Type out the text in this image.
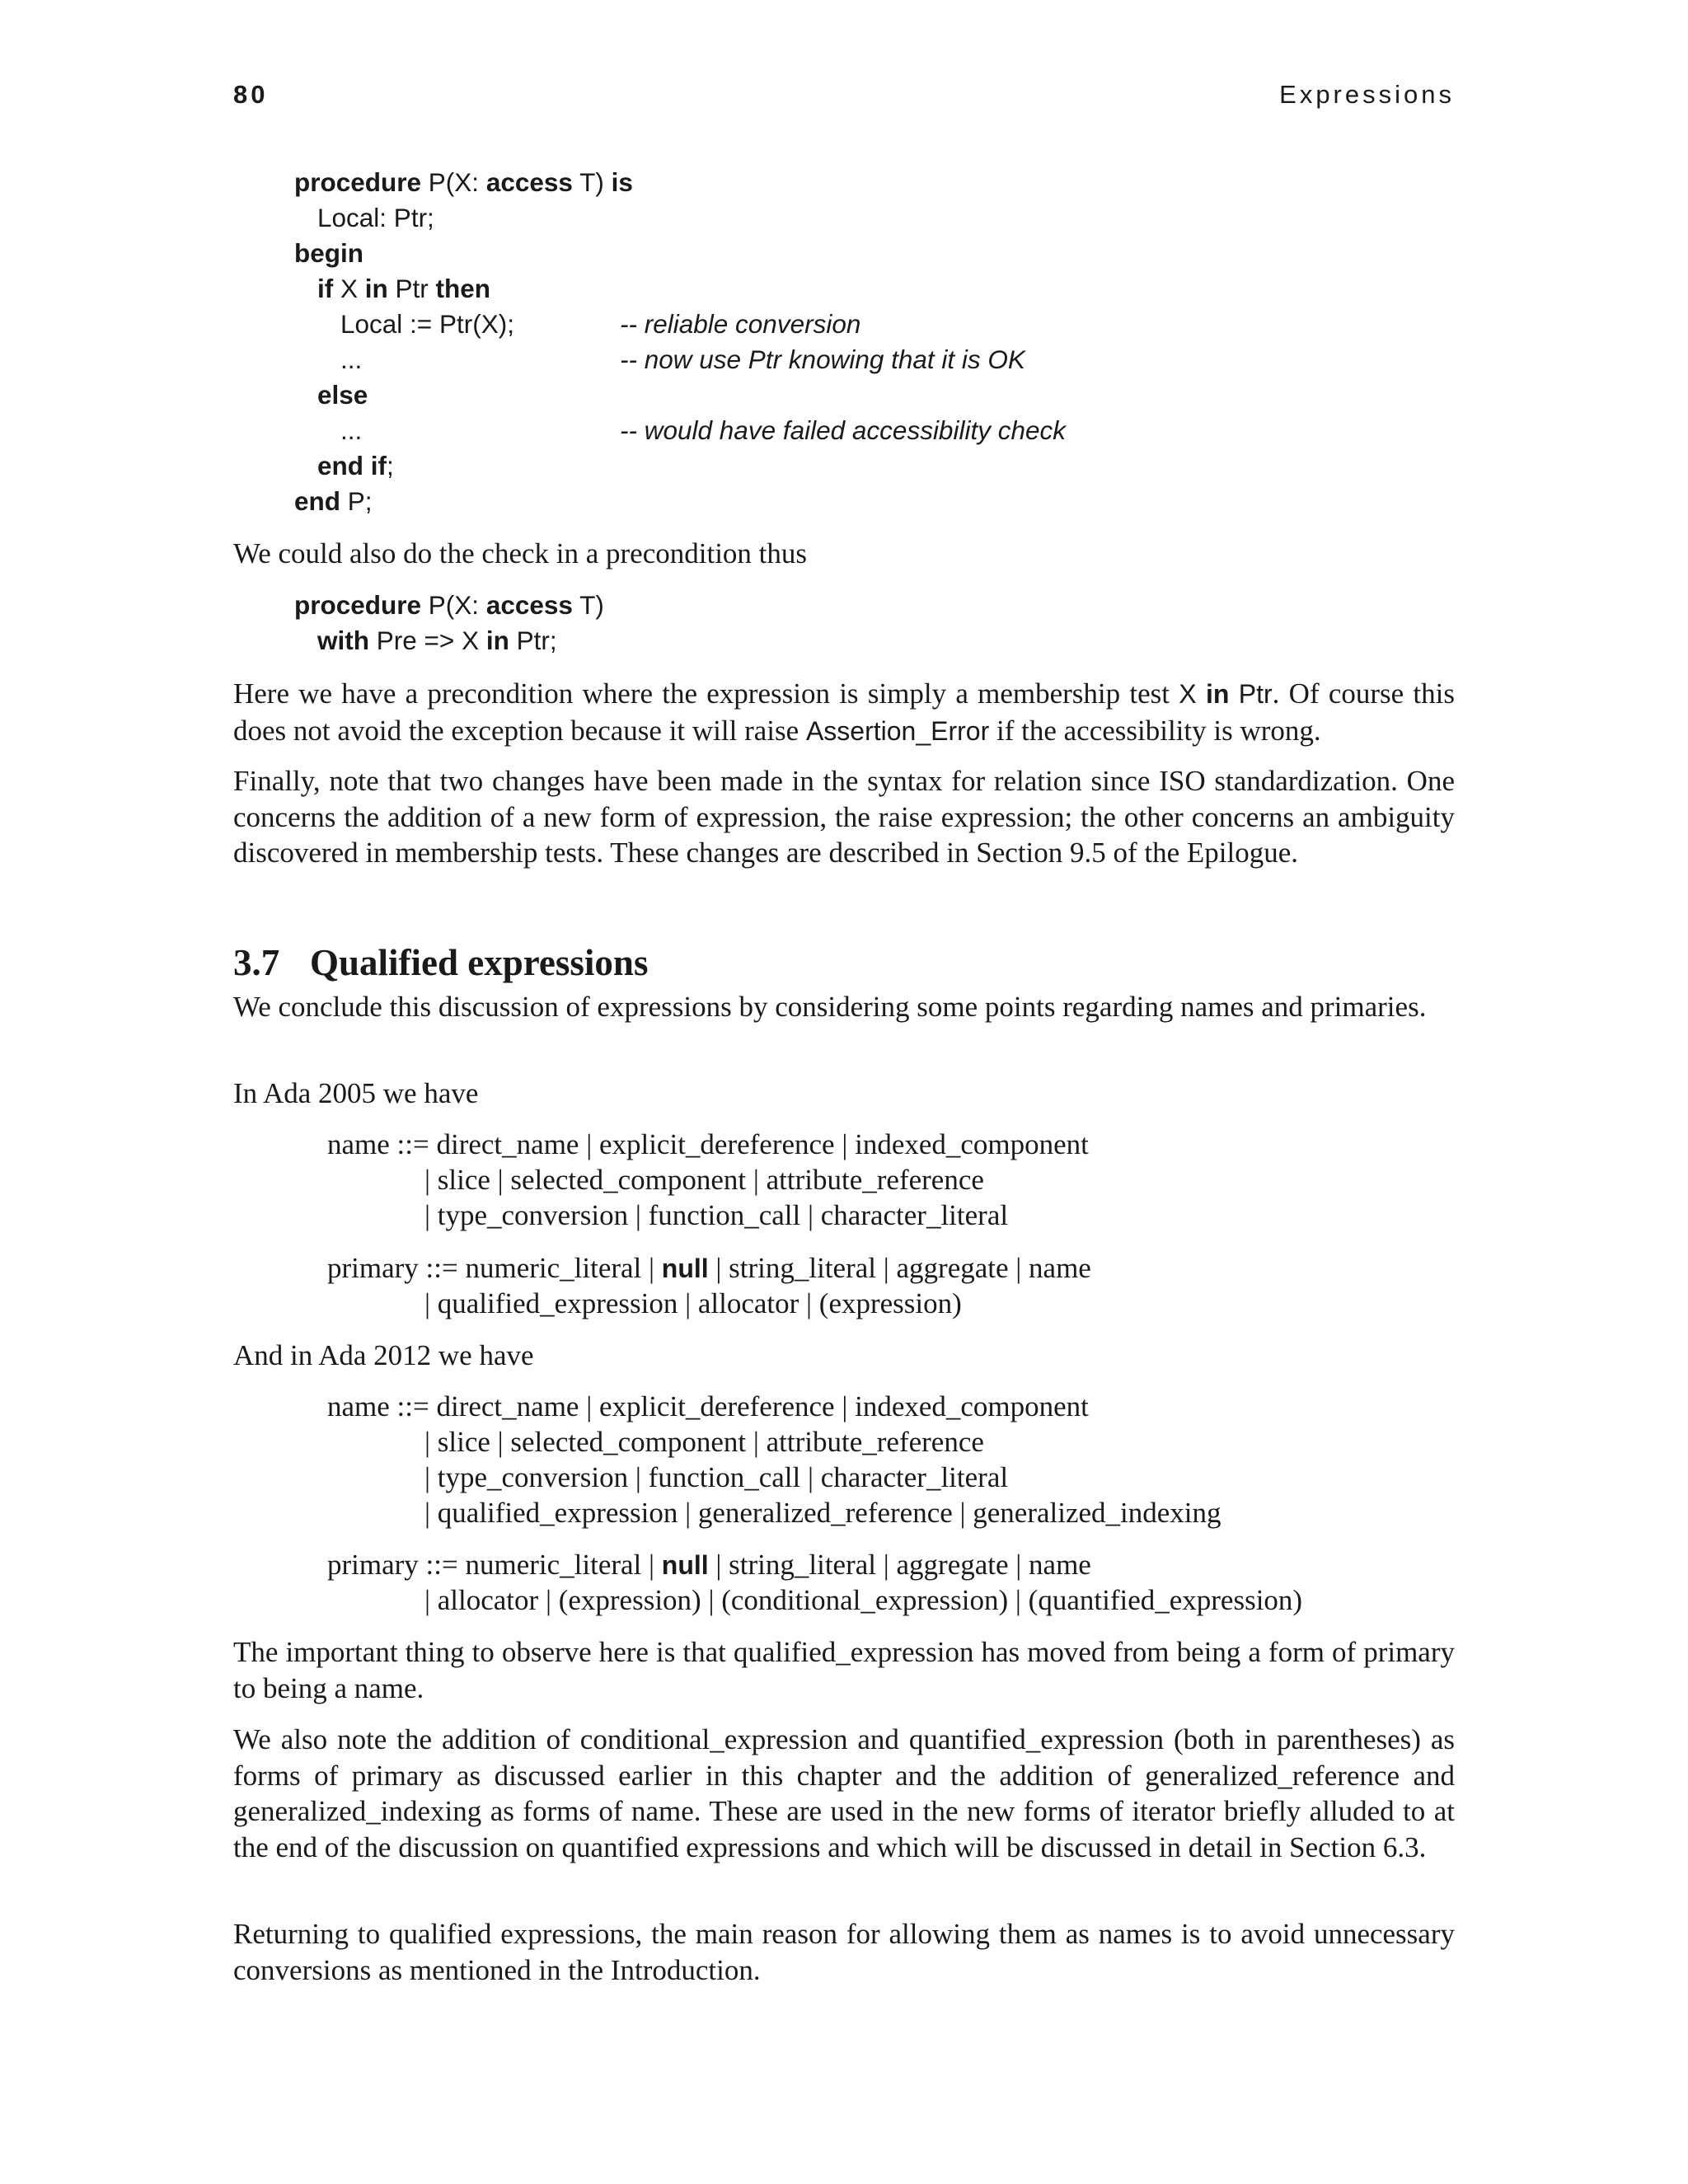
80	Expressions
procedure P(X: access T) is
Local: Ptr;
begin
if X in Ptr then
Local := Ptr(X);	-- reliable conversion
...	-- now use Ptr knowing that it is OK
else
...	-- would have failed accessibility check
end if;
end P;

We could also do the check in a precondition thus

procedure P(X: access T)
with Pre => X in Ptr;

Here we have a precondition where the expression is simply a membership test X in Ptr. Of course this does not avoid the exception because it will raise Assertion_Error if the accessibility is wrong.

Finally, note that two changes have been made in the syntax for relation since ISO standardization. One concerns the addition of a new form of expression, the raise expression; the other concerns an ambiguity discovered in membership tests. These changes are described in Section 9.5 of the Epilogue.

3.7 Qualified expressions

We conclude this discussion of expressions by considering some points regarding names and primaries.

In Ada 2005 we have

name ::= direct_name | explicit_dereference | indexed_component
| slice | selected_component | attribute_reference
| type_conversion | function_call | character_literal
primary ::= numeric_literal | null | string_literal | aggregate | name
| qualified_expression | allocator | (expression)

And in Ada 2012 we have

name ::= direct_name | explicit_dereference | indexed_component
| slice | selected_component | attribute_reference
| type_conversion | function_call | character_literal
| qualified_expression | generalized_reference | generalized_indexing
primary ::= numeric_literal | null | string_literal | aggregate | name
| allocator | (expression) | (conditional_expression) | (quantified_expression)

The important thing to observe here is that qualified_expression has moved from being a form of primary to being a name.

We also note the addition of conditional_expression and quantified_expression (both in parentheses) as forms of primary as discussed earlier in this chapter and the addition of generalized_reference and generalized_indexing as forms of name. These are used in the new forms of iterator briefly alluded to at the end of the discussion on quantified expressions and which will be discussed in detail in Section 6.3.

Returning to qualified expressions, the main reason for allowing them as names is to avoid unnecessary conversions as mentioned in the Introduction.
